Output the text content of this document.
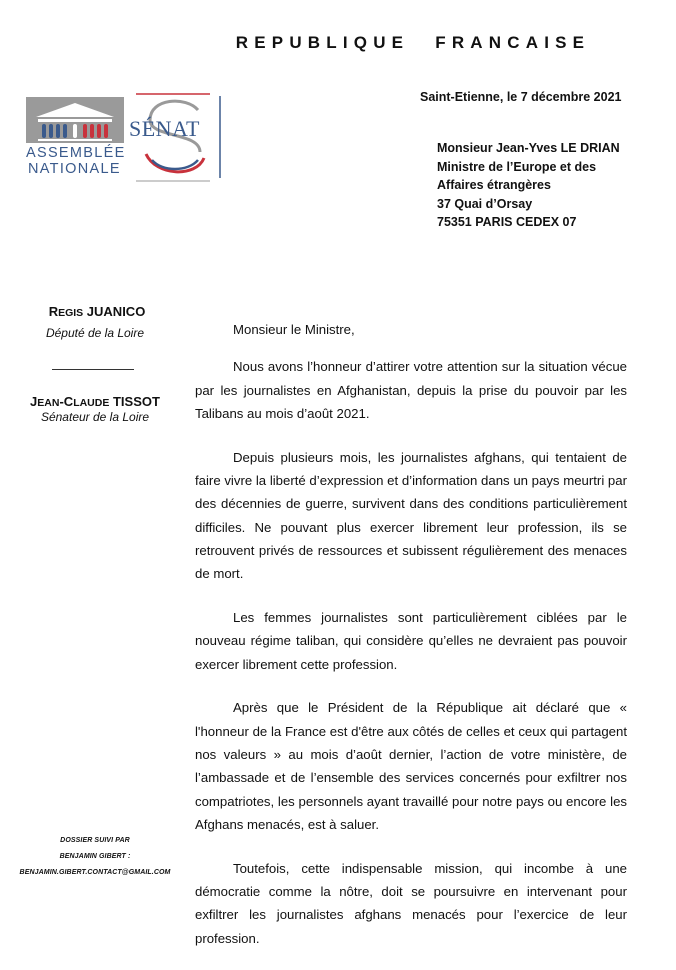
REPUBLIQUE FRANCAISE
Saint-Etienne, le 7 décembre 2021
Monsieur Jean-Yves LE DRIAN
Ministre de l’Europe et des
Affaires étrangères
37 Quai d’Orsay
75351 PARIS CEDEX 07
ASSEMBLÉE
NATIONALE
SÉNAT
REGIS JUANICO
Député de la Loire
JEAN-CLAUDE TISSOT
Sénateur de la Loire
DOSSIER SUIVI PAR
BENJAMIN GIBERT :
BENJAMIN.GIBERT.CONTACT@GMAIL.COM

Monsieur le Ministre,

Nous avons l’honneur d’attirer votre attention sur la situation vécue par les journalistes en Afghanistan, depuis la prise du pouvoir par les Talibans au mois d’août 2021.

Depuis plusieurs mois, les journalistes afghans, qui tentaient de faire vivre la liberté d’expression et d’information dans un pays meurtri par des décennies de guerre, survivent dans des conditions particulièrement difficiles. Ne pouvant plus exercer librement leur profession, ils se retrouvent privés de ressources et subissent régulièrement des menaces de mort.

Les femmes journalistes sont particulièrement ciblées par le nouveau régime taliban, qui considère qu’elles ne devraient pas pouvoir exercer librement cette profession.

Après que le Président de la République ait déclaré que « l'honneur de la France est d'être aux côtés de celles et ceux qui partagent nos valeurs » au mois d’août dernier, l’action de votre ministère, de l’ambassade et de l’ensemble des services concernés pour exfiltrer nos compatriotes, les personnels ayant travaillé pour notre pays ou encore les Afghans menacés, est à saluer.

Toutefois, cette indispensable mission, qui incombe à une démocratie comme la nôtre, doit se poursuivre en intervenant pour exfiltrer les journalistes afghans menacés pour l’exercice de leur profession.
